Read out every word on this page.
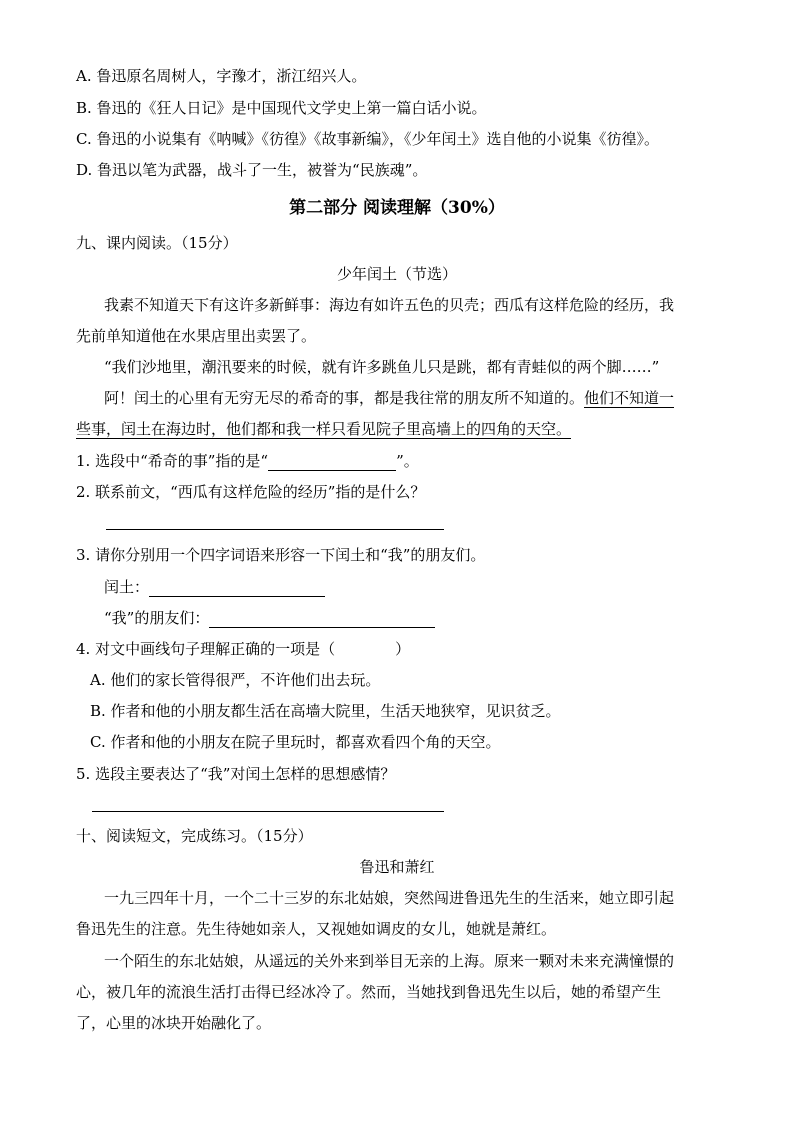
A. 鲁迅原名周树人，字豫才，浙江绍兴人。
B. 鲁迅的《狂人日记》是中国现代文学史上第一篇白话小说。
C. 鲁迅的小说集有《呐喊》《彷徨》《故事新编》，《少年闰土》选自他的小说集《彷徨》。
D. 鲁迅以笔为武器，战斗了一生，被誉为“民族魂”。
第二部分 阅读理解（30%）
九、课内阅读。（15分）
少年闰土（节选）
我素不知道天下有这许多新鲜事：海边有如许五色的贝壳；西瓜有这样危险的经历，我
先前单知道他在水果店里出卖罢了。
“我们沙地里，潮汛要来的时候，就有许多跳鱼儿只是跳，都有青蛙似的两个脚……”
阿！闰土的心里有无穷无尽的希奇的事，都是我往常的朋友所不知道的。他们不知道一
些事，闰土在海边时，他们都和我一样只看见院子里高墙上的四角的天空。
1. 选段中“希奇的事”指的是“	”。
2. 联系前文，“西瓜有这样危险的经历”指的是什么？
3. 请你分别用一个四字词语来形容一下闰土和“我”的朋友们。
闰土：
“我”的朋友们：
4. 对文中画线句子理解正确的一项是（　　　　）
A. 他们的家长管得很严，不许他们出去玩。
B. 作者和他的小朋友都生活在高墙大院里，生活天地狭窄，见识贫乏。
C. 作者和他的小朋友在院子里玩时，都喜欢看四个角的天空。
5. 选段主要表达了“我”对闰土怎样的思想感情？
十、阅读短文，完成练习。（15分）
鲁迅和萧红
一九三四年十月，一个二十三岁的东北姑娘，突然闯进鲁迅先生的生活来，她立即引起
鲁迅先生的注意。先生待她如亲人，又视她如调皮的女儿，她就是萧红。
一个陌生的东北姑娘，从遥远的关外来到举目无亲的上海。原来一颗对未来充满憧憬的
心，被几年的流浪生活打击得已经冰冷了。然而，当她找到鲁迅先生以后，她的希望产生
了，心里的冰块开始融化了。
